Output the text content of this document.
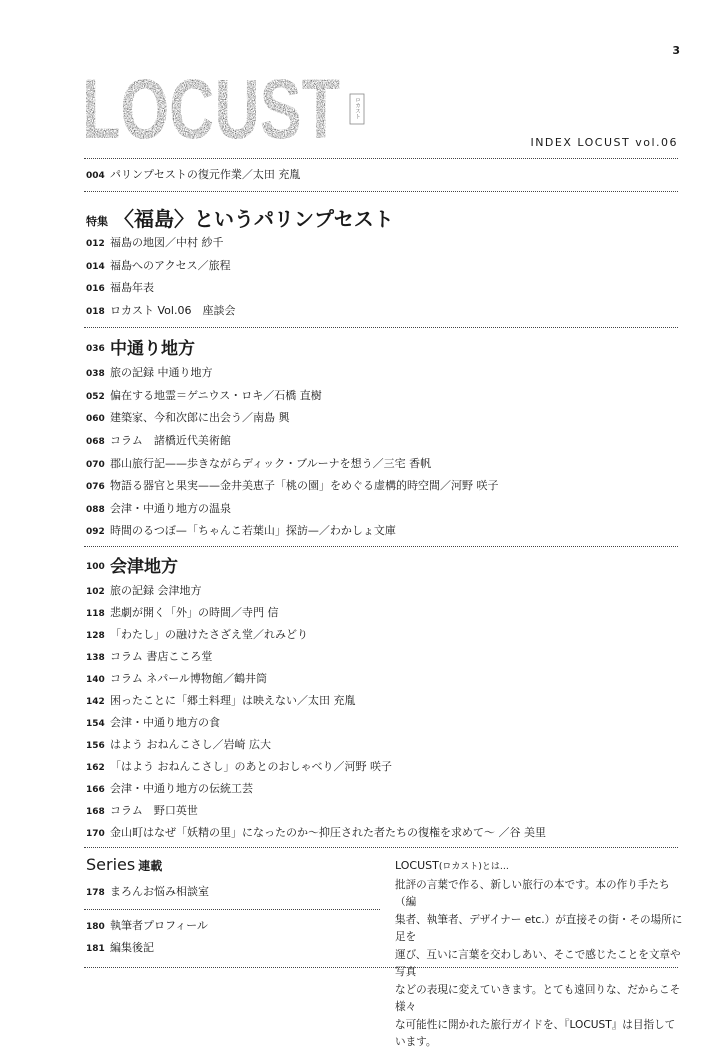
3
LOCUST	ロカスト
INDEX LOCUST vol.06
004 パリンプセストの復元作業／太田 充胤
特集 〈福島〉というパリンプセスト
012 福島の地図／中村 紗千
014 福島へのアクセス／旅程
016 福島年表
018 ロカスト Vol.06　座談会
036 中通り地方
038 旅の記録 中通り地方
052 偏在する地霊＝ゲニウス・ロキ／石橋 直樹
060 建築家、今和次郎に出会う／南島 興
068 コラム　諸橋近代美術館
070 郡山旅行記——歩きながらディック・ブルーナを想う／三宅 香帆
076 物語る器官と果実——金井美恵子「桃の園」をめぐる虚構的時空間／河野 咲子
088 会津・中通り地方の温泉
092 時間のるつぼ—「ちゃんこ若葉山」探訪—／わかしょ文庫
100 会津地方
102 旅の記録 会津地方
118 悲劇が開く「外」の時間／寺門 信
128 「わたし」の融けたさざえ堂／れみどり
138 コラム 書店こころ堂
140 コラム ネパール博物館／鶴井筒
142 困ったことに「郷土料理」は映えない／太田 充胤
154 会津・中通り地方の食
156 はよう おねんこさし／岩崎 広大
162 「はよう おねんこさし」のあとのおしゃべり／河野 咲子
166 会津・中通り地方の伝統工芸
168 コラム　野口英世
170 金山町はなぜ「妖精の里」になったのか〜抑圧された者たちの復権を求めて〜 ／谷 美里
Series 連載
178 まろんお悩み相談室
180 執筆者プロフィール
181 編集後記
LOCUST(ロカスト)とは…
批評の言葉で作る、新しい旅行の本です。本の作り手たち（編
集者、執筆者、デザイナー etc.）が直接その街・その場所に足を
運び、互いに言葉を交わしあい、そこで感じたことを文章や写真
などの表現に変えていきます。とても遠回りな、だからこそ様々
な可能性に開かれた旅行ガイドを、『LOCUST』は目指しています。
